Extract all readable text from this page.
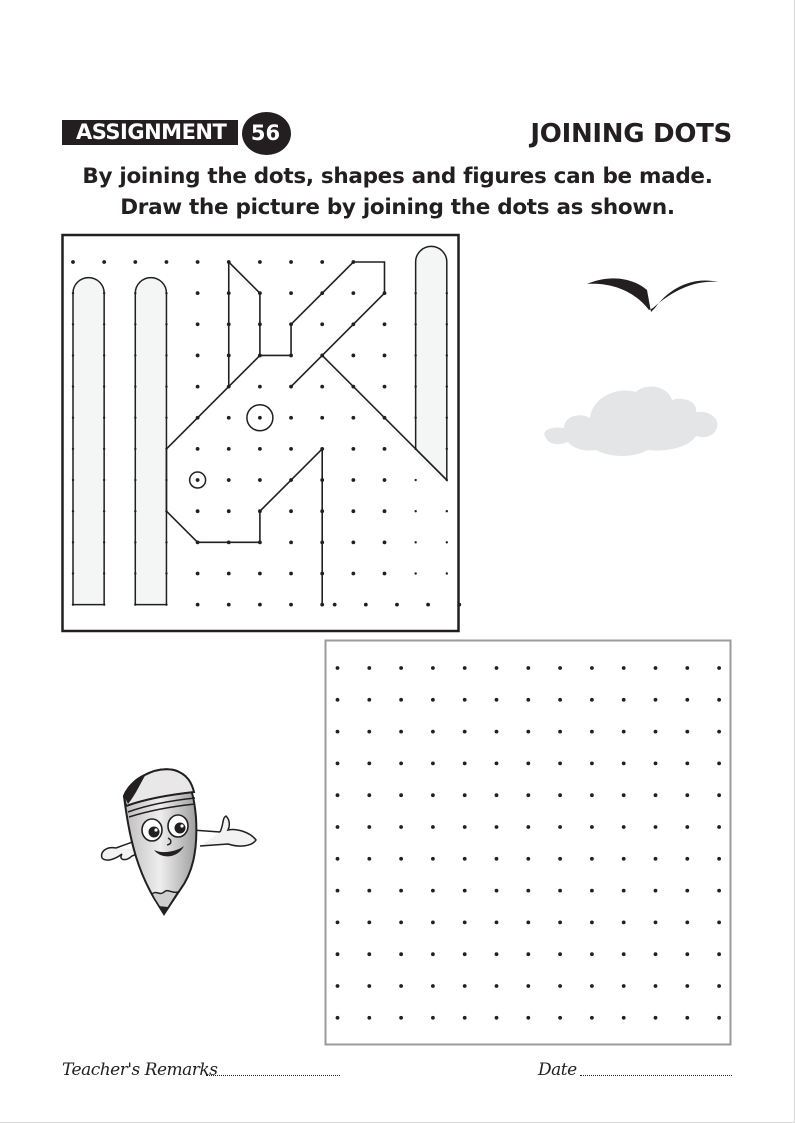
ASSIGNMENT	56	JOINING DOTS
By joining the dots, shapes and figures can be made.
Draw the picture by joining the dots as shown.
Teacher's Remarks	Date
